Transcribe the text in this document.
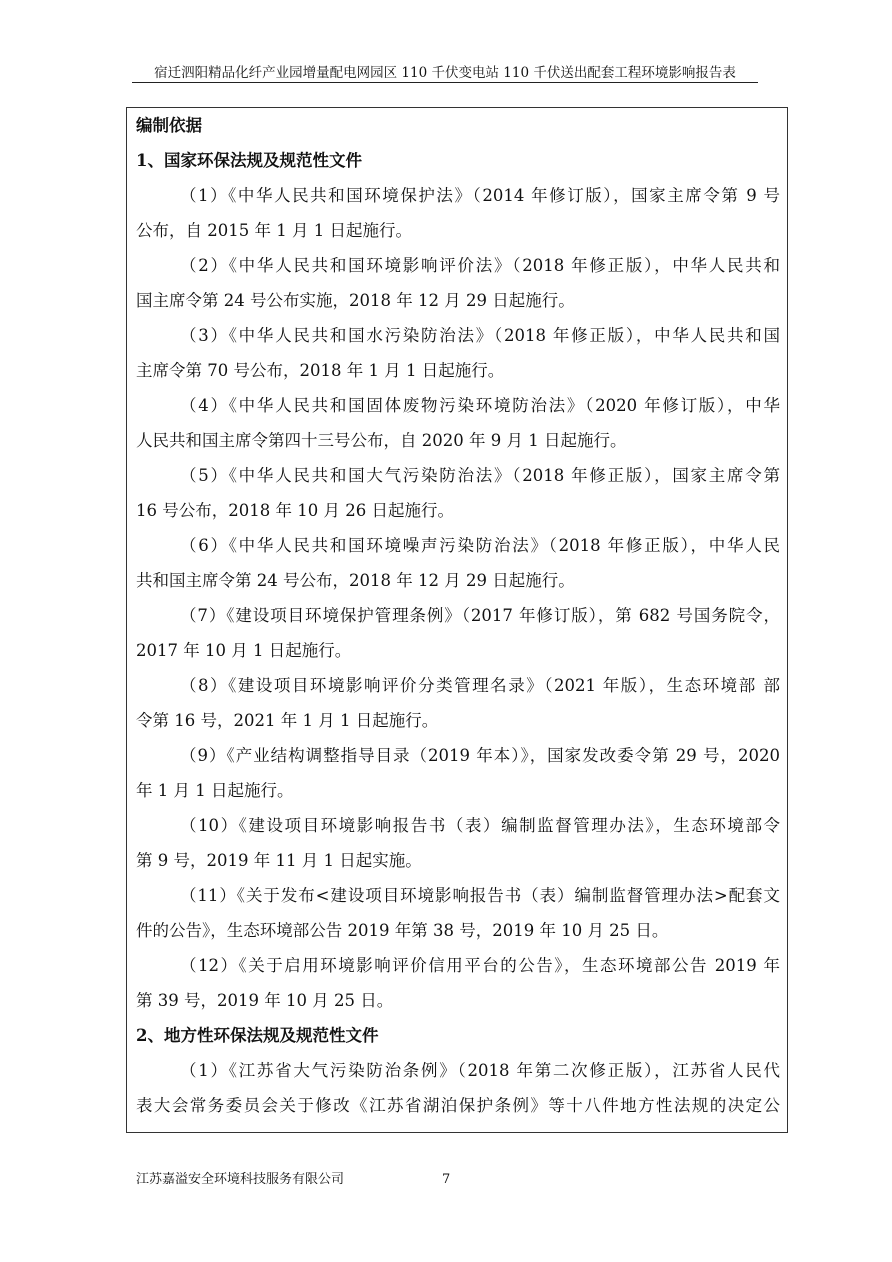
宿迁泗阳精品化纤产业园增量配电网园区 110 千伏变电站 110 千伏送出配套工程环境影响报告表
编制依据
1、国家环保法规及规范性文件
（1）《中华人民共和国环境保护法》（2014 年修订版），国家主席令第 9 号
公布，自 2015 年 1 月 1 日起施行。
（2）《中华人民共和国环境影响评价法》（2018 年修正版），中华人民共和
国主席令第 24 号公布实施，2018 年 12 月 29 日起施行。
（3）《中华人民共和国水污染防治法》（2018 年修正版），中华人民共和国
主席令第 70 号公布，2018 年 1 月 1 日起施行。
（4）《中华人民共和国固体废物污染环境防治法》（2020 年修订版），中华
人民共和国主席令第四十三号公布，自 2020 年 9 月 1 日起施行。
（5）《中华人民共和国大气污染防治法》（2018 年修正版），国家主席令第
16 号公布，2018 年 10 月 26 日起施行。
（6）《中华人民共和国环境噪声污染防治法》（2018 年修正版），中华人民
共和国主席令第 24 号公布，2018 年 12 月 29 日起施行。
（7）《建设项目环境保护管理条例》（2017 年修订版），第 682 号国务院令，
2017 年 10 月 1 日起施行。
（8）《建设项目环境影响评价分类管理名录》（2021 年版），生态环境部 部
令第 16 号，2021 年 1 月 1 日起施行。
（9）《产业结构调整指导目录（2019 年本）》，国家发改委令第 29 号，2020
年 1 月 1 日起施行。
（10）《建设项目环境影响报告书（表）编制监督管理办法》，生态环境部令
第 9 号，2019 年 11 月 1 日起实施。
（11）《关于发布<建设项目环境影响报告书（表）编制监督管理办法>配套文
件的公告》，生态环境部公告 2019 年第 38 号，2019 年 10 月 25 日。
（12）《关于启用环境影响评价信用平台的公告》，生态环境部公告 2019 年
第 39 号，2019 年 10 月 25 日。
2、地方性环保法规及规范性文件
（1）《江苏省大气污染防治条例》（2018 年第二次修正版），江苏省人民代
表大会常务委员会关于修改《江苏省湖泊保护条例》等十八件地方性法规的决定公
江苏嘉溢安全环境科技服务有限公司	7
